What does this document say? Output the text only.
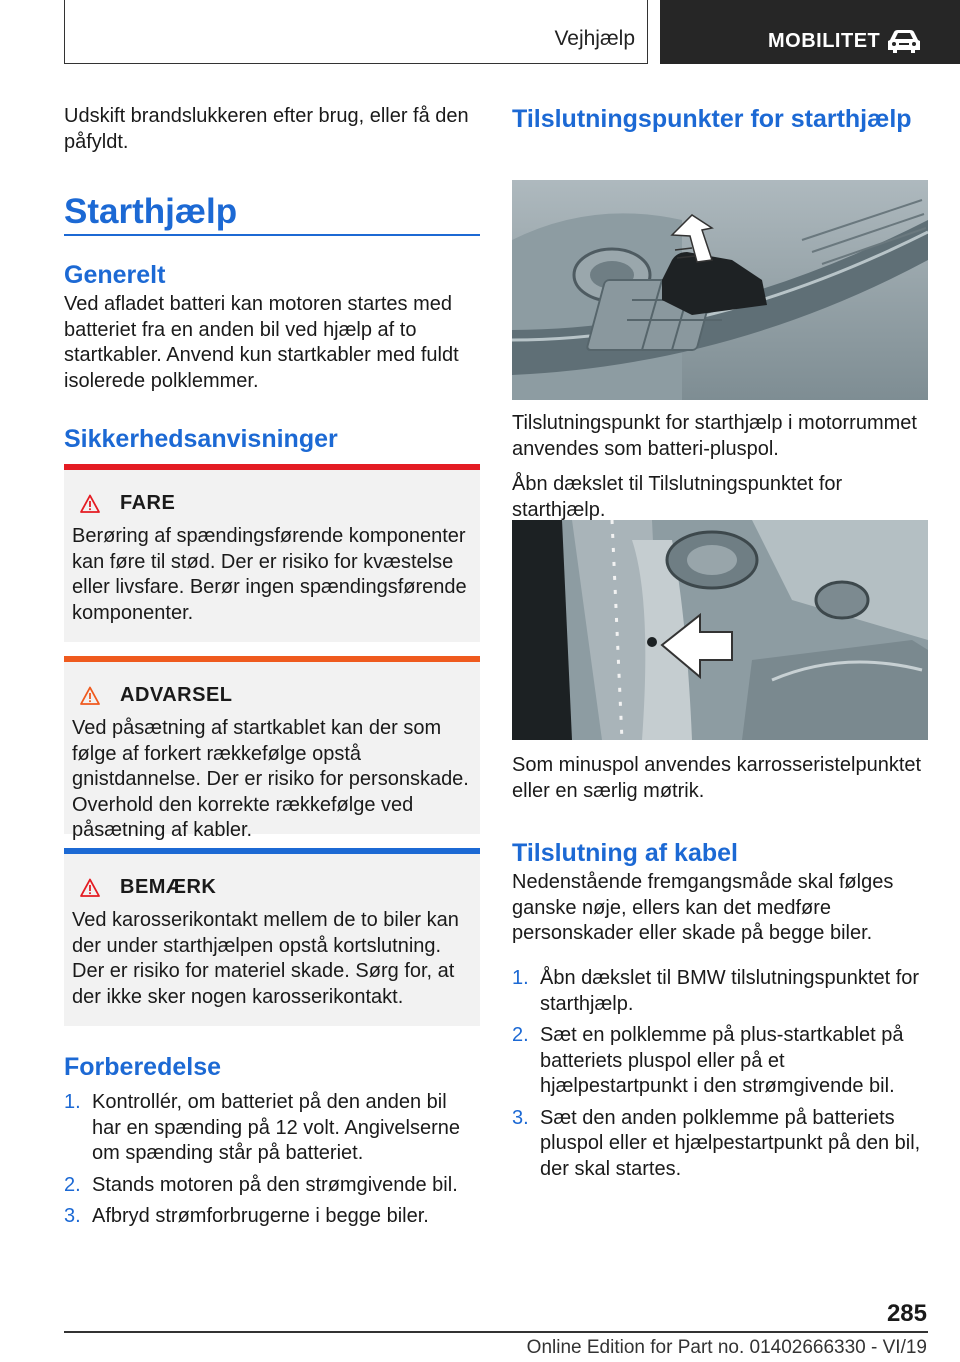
Vejhjælp	MOBILITET

Udskift brandslukkeren efter brug, eller få den påfyldt.

Starthjælp
Generelt

Ved afladet batteri kan motoren startes med batteriet fra en anden bil ved hjælp af to startkabler. Anvend kun startkabler med fuldt isolerede polklemmer.

Sikkerhedsanvisninger
FARE
Berøring af spændingsførende komponenter kan føre til stød. Der er risiko for kvæstelse eller livsfare. Berør ingen spændingsførende komponenter.
ADVARSEL
Ved påsætning af startkablet kan der som følge af forkert rækkefølge opstå gnistdannelse. Der er risiko for personskade. Overhold den korrekte rækkefølge ved påsætning af kabler.
BEMÆRK
Ved karosserikontakt mellem de to biler kan der under starthjælpen opstå kortslutning. Der er risiko for materiel skade. Sørg for, at der ikke sker nogen karosserikontakt.
Forberedelse
1. Kontrollér, om batteriet på den anden bil har en spænding på 12 volt. Angivelserne om spænding står på batteriet.
2. Stands motoren på den strømgivende bil.
3. Afbryd strømforbrugerne i begge biler.
Tilslutningspunkter for starthjælp

Tilslutningspunkt for starthjælp i motorrummet anvendes som batteri-pluspol.

Åbn dækslet til Tilslutningspunktet for starthjælp.

Som minuspol anvendes karrosseristelpunktet eller en særlig møtrik.

Tilslutning af kabel

Nedenstående fremgangsmåde skal følges ganske nøje, ellers kan det medføre personskader eller skade på begge biler.

1. Åbn dækslet til BMW tilslutningspunktet for starthjælp.
2. Sæt en polklemme på plus-startkablet på batteriets pluspol eller på et hjælpestartpunkt i den strømgivende bil.
3. Sæt den anden polklemme på batteriets pluspol eller et hjælpestartpunkt på den bil, der skal startes.
285
Online Edition for Part no. 01402666330 - VI/19
